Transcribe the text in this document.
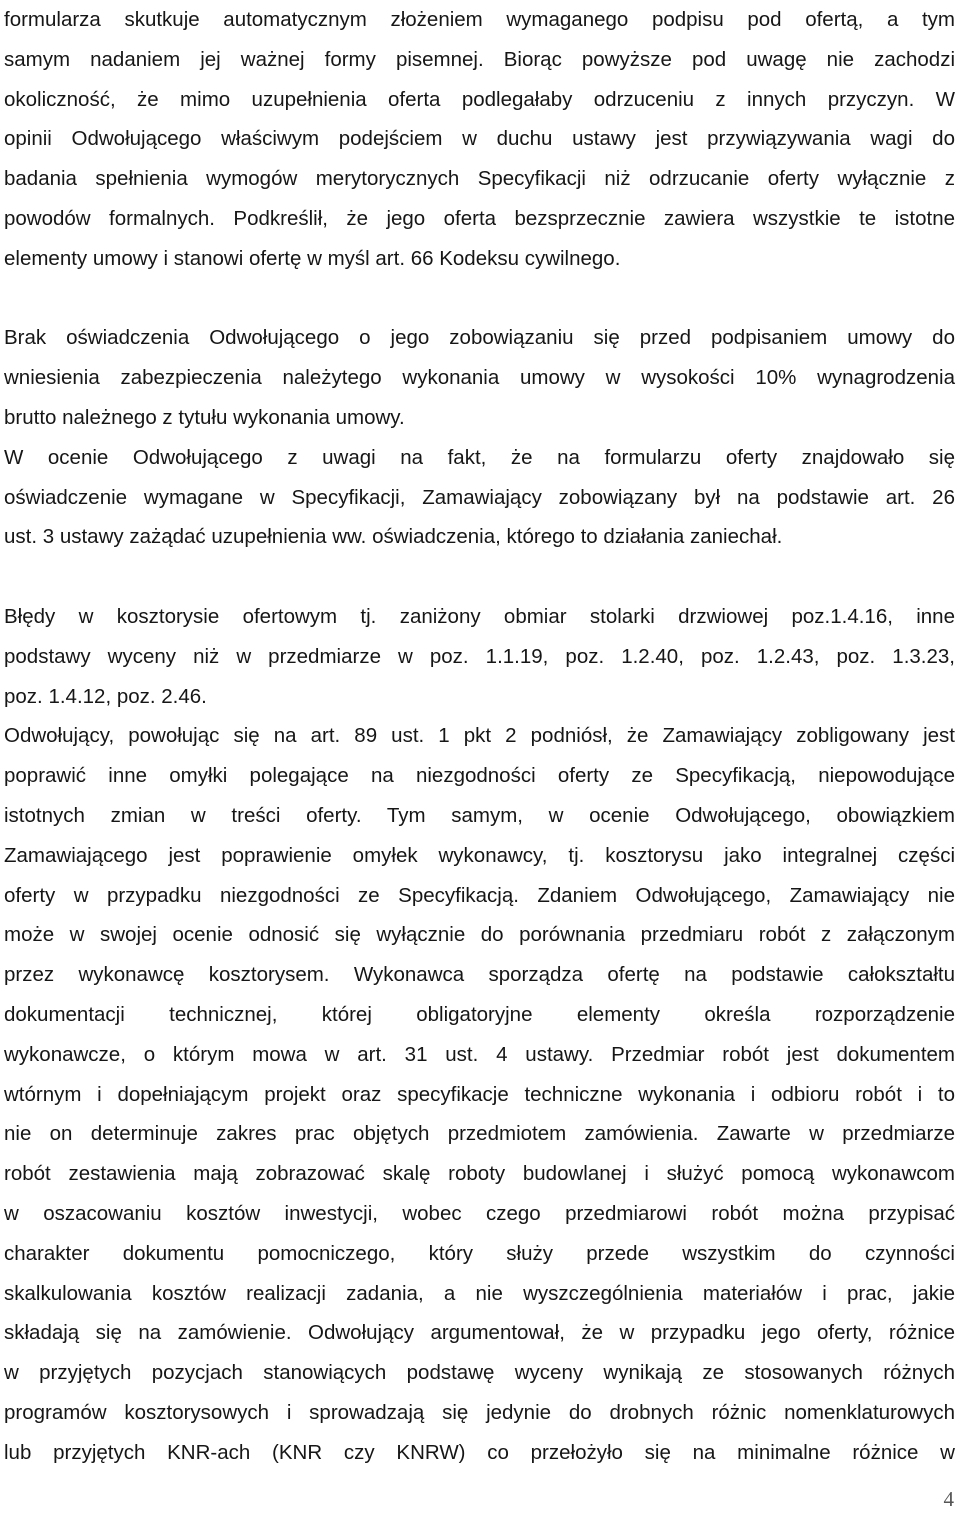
formularza skutkuje automatycznym złożeniem wymaganego podpisu pod ofertą, a tym
samym nadaniem jej ważnej formy pisemnej. Biorąc powyższe pod uwagę nie zachodzi
okoliczność, że mimo uzupełnienia oferta podlegałaby odrzuceniu z innych przyczyn. W
opinii Odwołującego właściwym podejściem w duchu ustawy jest przywiązywania wagi do
badania spełnienia wymogów merytorycznych Specyfikacji niż odrzucanie oferty wyłącznie z
powodów formalnych. Podkreślił, że jego oferta bezsprzecznie zawiera wszystkie te istotne
elementy umowy i stanowi ofertę w myśl art. 66 Kodeksu cywilnego.
Brak oświadczenia Odwołującego o jego zobowiązaniu się przed podpisaniem umowy do
wniesienia zabezpieczenia należytego wykonania umowy w wysokości 10% wynagrodzenia
brutto należnego z tytułu wykonania umowy.
W ocenie Odwołującego z uwagi na fakt, że na formularzu oferty znajdowało się
oświadczenie wymagane w Specyfikacji, Zamawiający zobowiązany był na podstawie art. 26
ust. 3 ustawy zażądać uzupełnienia ww. oświadczenia, którego to działania zaniechał.
Błędy w kosztorysie ofertowym tj. zaniżony obmiar stolarki drzwiowej poz.1.4.16, inne
podstawy wyceny niż w przedmiarze w poz. 1.1.19, poz. 1.2.40, poz. 1.2.43, poz. 1.3.23,
poz. 1.4.12, poz. 2.46.
Odwołujący, powołując się na art. 89 ust. 1 pkt 2 podniósł, że Zamawiający zobligowany jest
poprawić inne omyłki polegające na niezgodności oferty ze Specyfikacją, niepowodujące
istotnych zmian w treści oferty. Tym samym, w ocenie Odwołującego, obowiązkiem
Zamawiającego jest poprawienie omyłek wykonawcy, tj. kosztorysu jako integralnej części
oferty w przypadku niezgodności ze Specyfikacją. Zdaniem Odwołującego, Zamawiający nie
może w swojej ocenie odnosić się wyłącznie do porównania przedmiaru robót z załączonym
przez wykonawcę kosztorysem. Wykonawca sporządza ofertę na podstawie całokształtu
dokumentacji technicznej, której obligatoryjne elementy określa rozporządzenie
wykonawcze, o którym mowa w art. 31 ust. 4 ustawy. Przedmiar robót jest dokumentem
wtórnym i dopełniającym projekt oraz specyfikacje techniczne wykonania i odbioru robót i to
nie on determinuje zakres prac objętych przedmiotem zamówienia. Zawarte w przedmiarze
robót zestawienia mają zobrazować skalę roboty budowlanej i służyć pomocą wykonawcom
w oszacowaniu kosztów inwestycji, wobec czego przedmiarowi robót można przypisać
charakter dokumentu pomocniczego, który służy przede wszystkim do czynności
skalkulowania kosztów realizacji zadania, a nie wyszczególnienia materiałów i prac, jakie
składają się na zamówienie. Odwołujący argumentował, że w przypadku jego oferty, różnice
w przyjętych pozycjach stanowiących podstawę wyceny wynikają ze stosowanych różnych
programów kosztorysowych i sprowadzają się jedynie do drobnych różnic nomenklaturowych
lub przyjętych KNR-ach (KNR czy KNRW) co przełożyło się na minimalne różnice w
4
